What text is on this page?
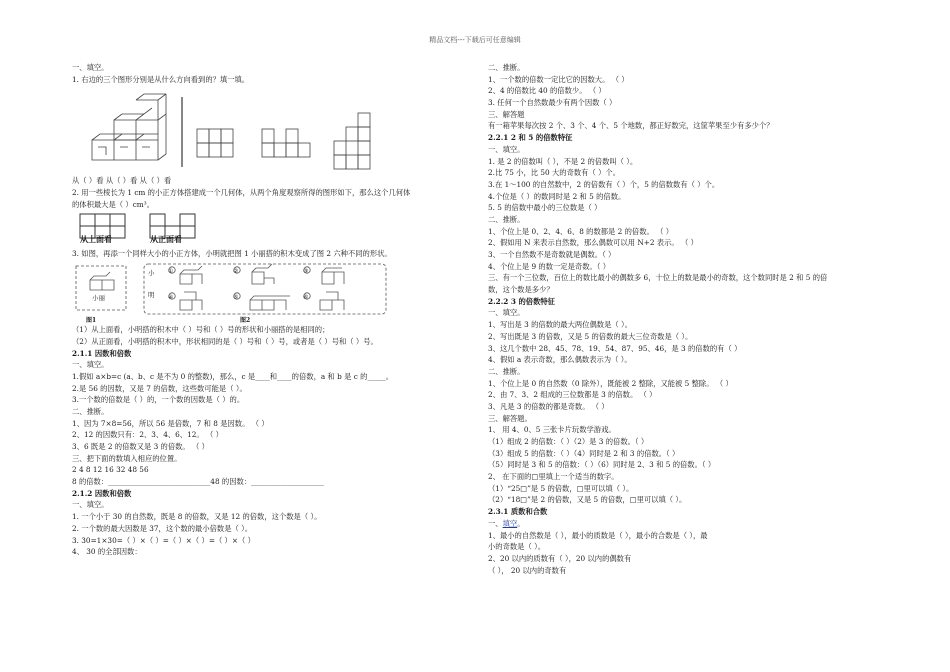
精品文档---下载后可任意编辑
一、填空。
1. 右边的三个图形分别是从什么方向看到的？填一填。
从（ ）看 从（ ）看 从（ ）看
2. 用一些棱长为 1 cm 的小正方体搭建成一个几何体，从两个角度观察所得的图形如下，那么这个几何体
的体积最大是（ ）cm³。
从上面看	从正面看
3. 如图，再添一个同样大小的小正方体，小明就把图 1 小丽搭的积木变成了图 2 六种不同的形状。
小丽
小
明
①	②	③
④	⑤	⑥
图1	图2
（1）从上面看，小明搭的积木中（ ）号和（ ）号的形状和小丽搭的是相同的；
（2）从正面看，小明搭的积木中，形状相同的是（ ）号和（ ）号，或者是（ ）号和（ ）号。
2.1.1 因数和倍数
一、填空。
1.假如 a×b=c (a、b、c 是不为 0 的整数)，那么，c 是____和____的倍数，a 和 b 是 c 的_____。
2.是 56 的因数，又是 7 的倍数，这些数可能是（ ）。
3.一个数的倍数是（ ）的，一个数的因数是（ ）的。
二、推断。
1、因为 7×8=56，所以 56 是倍数，7 和 8 是因数。 （ ）
2、12 的因数只有：2、3、4、6、12。 （ ）
3、6 既是 2 的倍数又是 3 的倍数。 （ ）
三、把下面的数填入相应的位置。
2 4 8 12 16 32 48 56
8 的倍数：____________________________48 的因数：____________________
2.1.2 因数和倍数
一、填空。
1. 一个小于 30 的自然数，既是 8 的倍数，又是 12 的倍数，这个数是（ ）。
2. 一个数的最大因数是 37，这个数的最小倍数是（ ）。
3. 30=1×30=（ ）×（ ）=（ ）×（ ）=（ ）×（ ）
4、 30 的全部因数：
二、推断。
1、一个数的倍数一定比它的因数大。 （ ）
2、4 的倍数比 40 的倍数少。 （ ）
3. 任何一个自然数最少有两个因数（ ）
三、解答题
有一箱苹果每次按 2 个、3 个、4 个、5 个地数，都正好数完，这筐苹果至少有多少个？
2.2.1 2 和 5 的倍数特征
一、填空。
1. 是 2 的倍数叫（ ），不是 2 的倍数叫（ ）。
2.比 75 小，比 50 大的奇数有（ ）个。
3.在 1～100 的自然数中，2 的倍数有（ ）个，5 的倍数数有（ ）个。
4.个位是（ ）的数同时是 2 和 5 的倍数。
5. 5 的倍数中最小的三位数是（ ）
二、推断。
1、个位上是 0、2、4、6、8 的数都是 2 的倍数。 （ ）
2、假如用 N 来表示自然数，那么偶数可以用 N+2 表示。 （ ）
3、一个自然数不是奇数就是偶数。（ ）
4、个位上是 9 的数一定是奇数。（ ）
三、有一个三位数，百位上的数比最小的偶数多 6，十位上的数是最小的奇数，这个数同时是 2 和 5 的倍
数，这个数是多少？
2.2.2 3 的倍数特征
一、填空。
1、写出是 3 的倍数的最大两位偶数是（ ）。
2、写出既是 3 的倍数，又是 5 的倍数的最大三位奇数是（ ）。
3、这几个数中 28、45、78、19、54、87、95、46，是 3 的倍数的有（ ）
4、假如 a 表示奇数，那么偶数表示为（ ）。
二、推断。
1、个位上是 0 的自然数（0 除外），既能被 2 整除，又能被 5 整除。 （ ）
2、由 7、3、2 组成的三位数都是 3 的倍数。 （ ）
3、凡是 3 的倍数的都是奇数。 （ ）
三、解答题。
1、 用 4、0、5 三张卡片玩数学游戏。
（1）组成 2 的倍数：（ ）（2）是 3 的倍数。（ ）
（3）组成 5 的倍数：（ ）（4）同时是 2 和 3 的倍数。（ ）
（5）同时是 3 和 5 的倍数：（ ）（6）同时是 2、3 和 5 的倍数。（ ）
2、 在下面的□里填上一个适当的数字。
（1）“25□”是 5 的倍数，□里可以填（ ）。
（2）“18□”是 2 的倍数，又是 5 的倍数，□里可以填（ ）。
2.3.1 质数和合数
一、填空。
1、最小的自然数是（ ），最小的质数是（ ），最小的合数是（ ），最
小的奇数是（ ）。
2、20 以内的质数有（ ），20 以内的偶数有
（ ）， 20 以内的奇数有
